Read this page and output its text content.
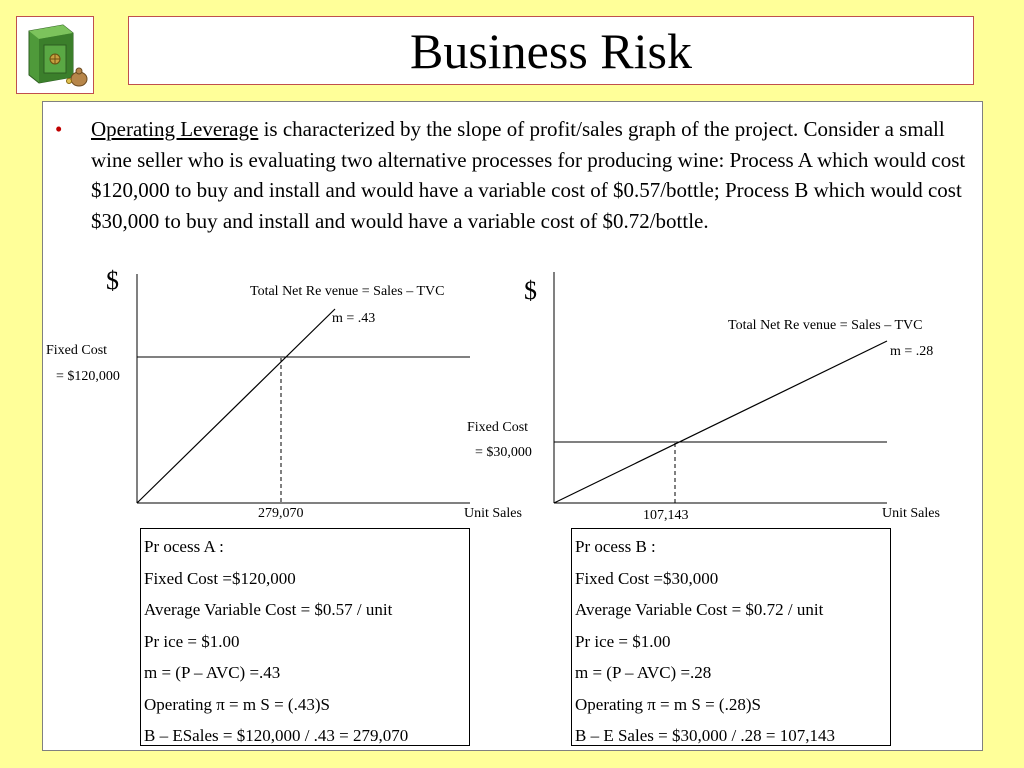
Business Risk
• Operating Leverage is characterized by the slope of profit/sales graph of the project. Consider a small wine seller who is evaluating two alternative processes for producing wine: Process A which would cost $120,000 to buy and install and would have a variable cost of $0.57/bottle; Process B which would cost $30,000 to buy and install and would have a variable cost of $0.72/bottle.
$	Total Net Re venue = Sales – TVC
m = .43
Fixed Cost
= $120,000
279,070	Unit Sales
$
Total Net Re venue = Sales – TVC
m = .28
Fixed Cost
= $30,000
107,143	Unit Sales
Pr ocess A :
Fixed Cost =$120,000
Average Variable Cost = $0.57 / unit
Pr ice = $1.00
m = (P – AVC) =.43
Operating π = m S = (.43)S
B – ESales = $120,000 / .43 = 279,070
Pr ocess B :
Fixed Cost =$30,000
Average Variable Cost = $0.72 / unit
Pr ice = $1.00
m = (P – AVC) =.28
Operating π = m S = (.28)S
B – E Sales = $30,000 / .28 = 107,143
